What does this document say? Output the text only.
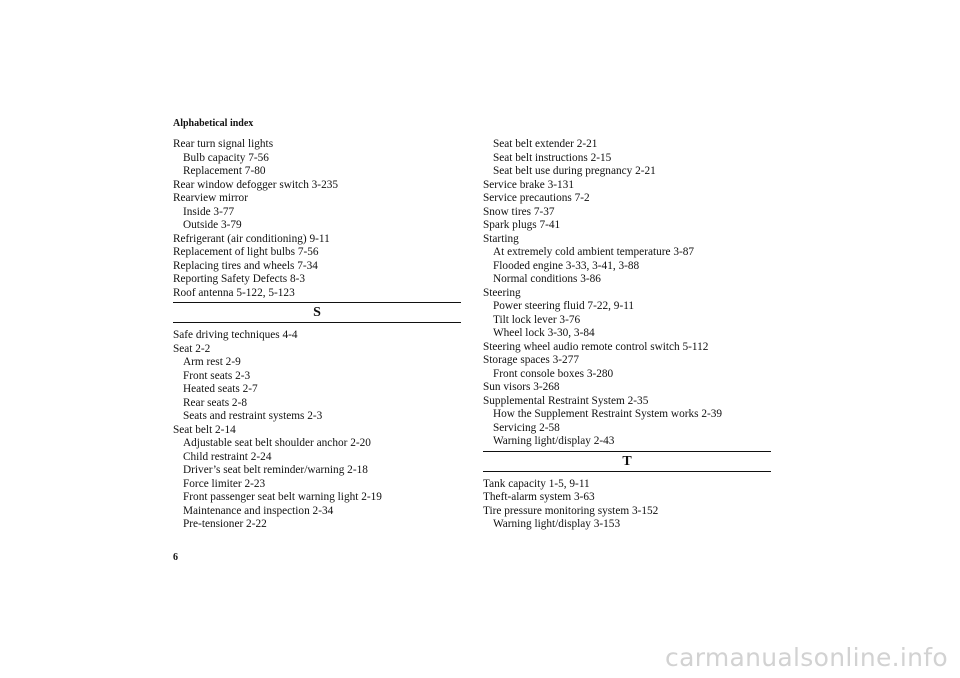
Alphabetical index
Rear turn signal lights
Bulb capacity 7-56
Replacement 7-80
Rear window defogger switch 3-235
Rearview mirror
Inside 3-77
Outside 3-79
Refrigerant (air conditioning) 9-11
Replacement of light bulbs 7-56
Replacing tires and wheels 7-34
Reporting Safety Defects 8-3
Roof antenna 5-122, 5-123
S
Safe driving techniques 4-4
Seat 2-2
Arm rest 2-9
Front seats 2-3
Heated seats 2-7
Rear seats 2-8
Seats and restraint systems 2-3
Seat belt 2-14
Adjustable seat belt shoulder anchor 2-20
Child restraint 2-24
Driver’s seat belt reminder/warning 2-18
Force limiter 2-23
Front passenger seat belt warning light 2-19
Maintenance and inspection 2-34
Pre-tensioner 2-22
Seat belt extender 2-21
Seat belt instructions 2-15
Seat belt use during pregnancy 2-21
Service brake 3-131
Service precautions 7-2
Snow tires 7-37
Spark plugs 7-41
Starting
At extremely cold ambient temperature 3-87
Flooded engine 3-33, 3-41, 3-88
Normal conditions 3-86
Steering
Power steering fluid 7-22, 9-11
Tilt lock lever 3-76
Wheel lock 3-30, 3-84
Steering wheel audio remote control switch 5-112
Storage spaces 3-277
Front console boxes 3-280
Sun visors 3-268
Supplemental Restraint System 2-35
How the Supplement Restraint System works 2-39
Servicing 2-58
Warning light/display 2-43
T
Tank capacity 1-5, 9-11
Theft-alarm system 3-63
Tire pressure monitoring system 3-152
Warning light/display 3-153
6
carmanualsonline.info
